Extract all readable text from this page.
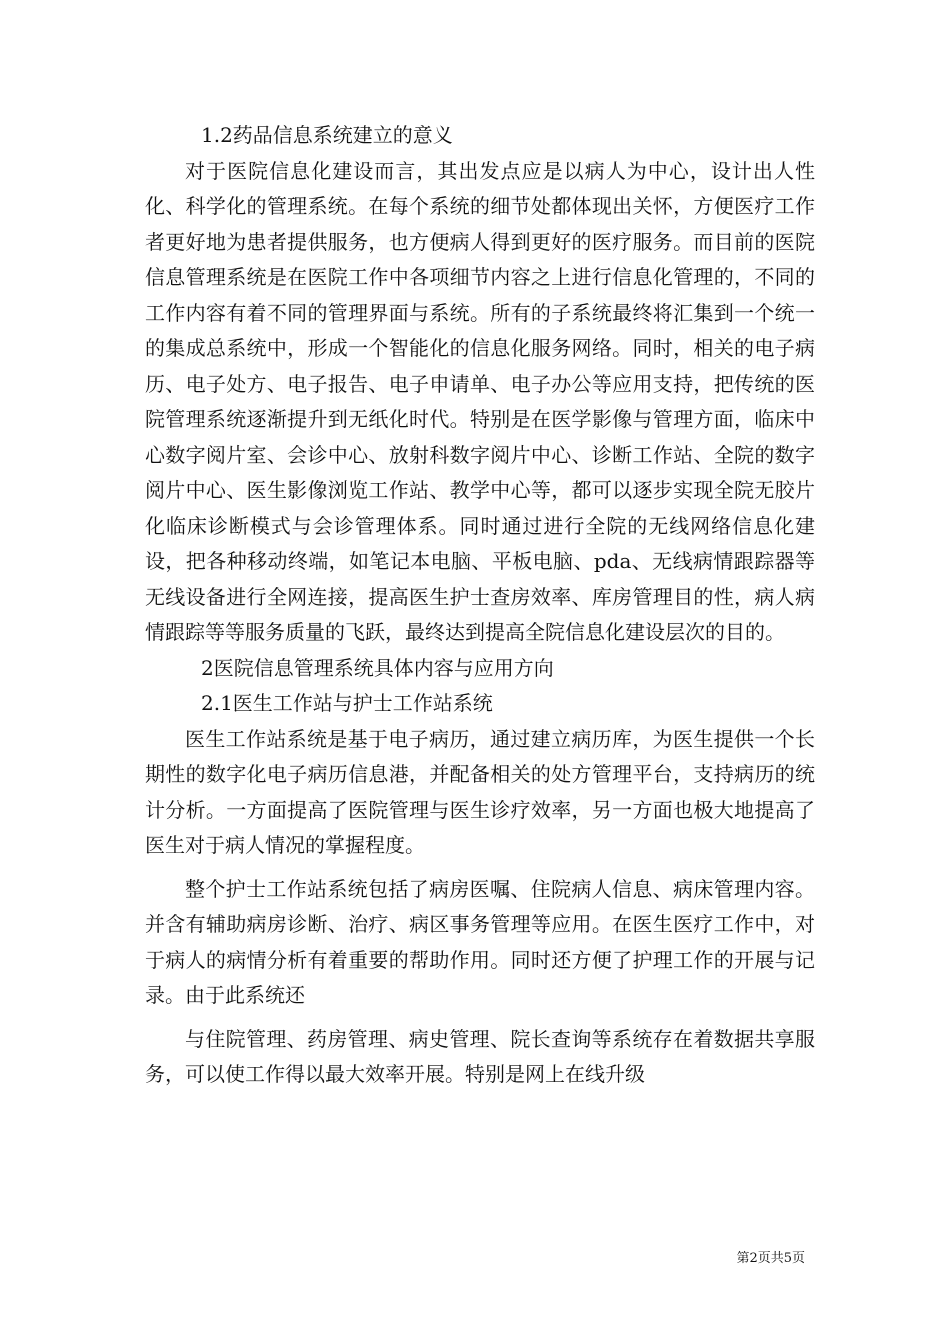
1.2药品信息系统建立的意义

对于医院信息化建设而言，其出发点应是以病人为中心，设计出人性化、科学化的管理系统。在每个系统的细节处都体现出关怀，方便医疗工作者更好地为患者提供服务，也方便病人得到更好的医疗服务。而目前的医院信息管理系统是在医院工作中各项细节内容之上进行信息化管理的，不同的工作内容有着不同的管理界面与系统。所有的子系统最终将汇集到一个统一的集成总系统中，形成一个智能化的信息化服务网络。同时，相关的电子病历、电子处方、电子报告、电子申请单、电子办公等应用支持，把传统的医院管理系统逐渐提升到无纸化时代。特别是在医学影像与管理方面，临床中心数字阅片室、会诊中心、放射科数字阅片中心、诊断工作站、全院的数字阅片中心、医生影像浏览工作站、教学中心等，都可以逐步实现全院无胶片化临床诊断模式与会诊管理体系。同时通过进行全院的无线网络信息化建设，把各种移动终端，如笔记本电脑、平板电脑、pda、无线病情跟踪器等无线设备进行全网连接，提高医生护士查房效率、库房管理目的性，病人病情跟踪等等服务质量的飞跃，最终达到提高全院信息化建设层次的目的。

2医院信息管理系统具体内容与应用方向

2.1医生工作站与护士工作站系统

医生工作站系统是基于电子病历，通过建立病历库，为医生提供一个长期性的数字化电子病历信息港，并配备相关的处方管理平台，支持病历的统计分析。一方面提高了医院管理与医生诊疗效率，另一方面也极大地提高了医生对于病人情况的掌握程度。

整个护士工作站系统包括了病房医嘱、住院病人信息、病床管理内容。并含有辅助病房诊断、治疗、病区事务管理等应用。在医生医疗工作中，对于病人的病情分析有着重要的帮助作用。同时还方便了护理工作的开展与记录。由于此系统还

与住院管理、药房管理、病史管理、院长查询等系统存在着数据共享服务，可以使工作得以最大效率开展。特别是网上在线升级

第2页共5页
